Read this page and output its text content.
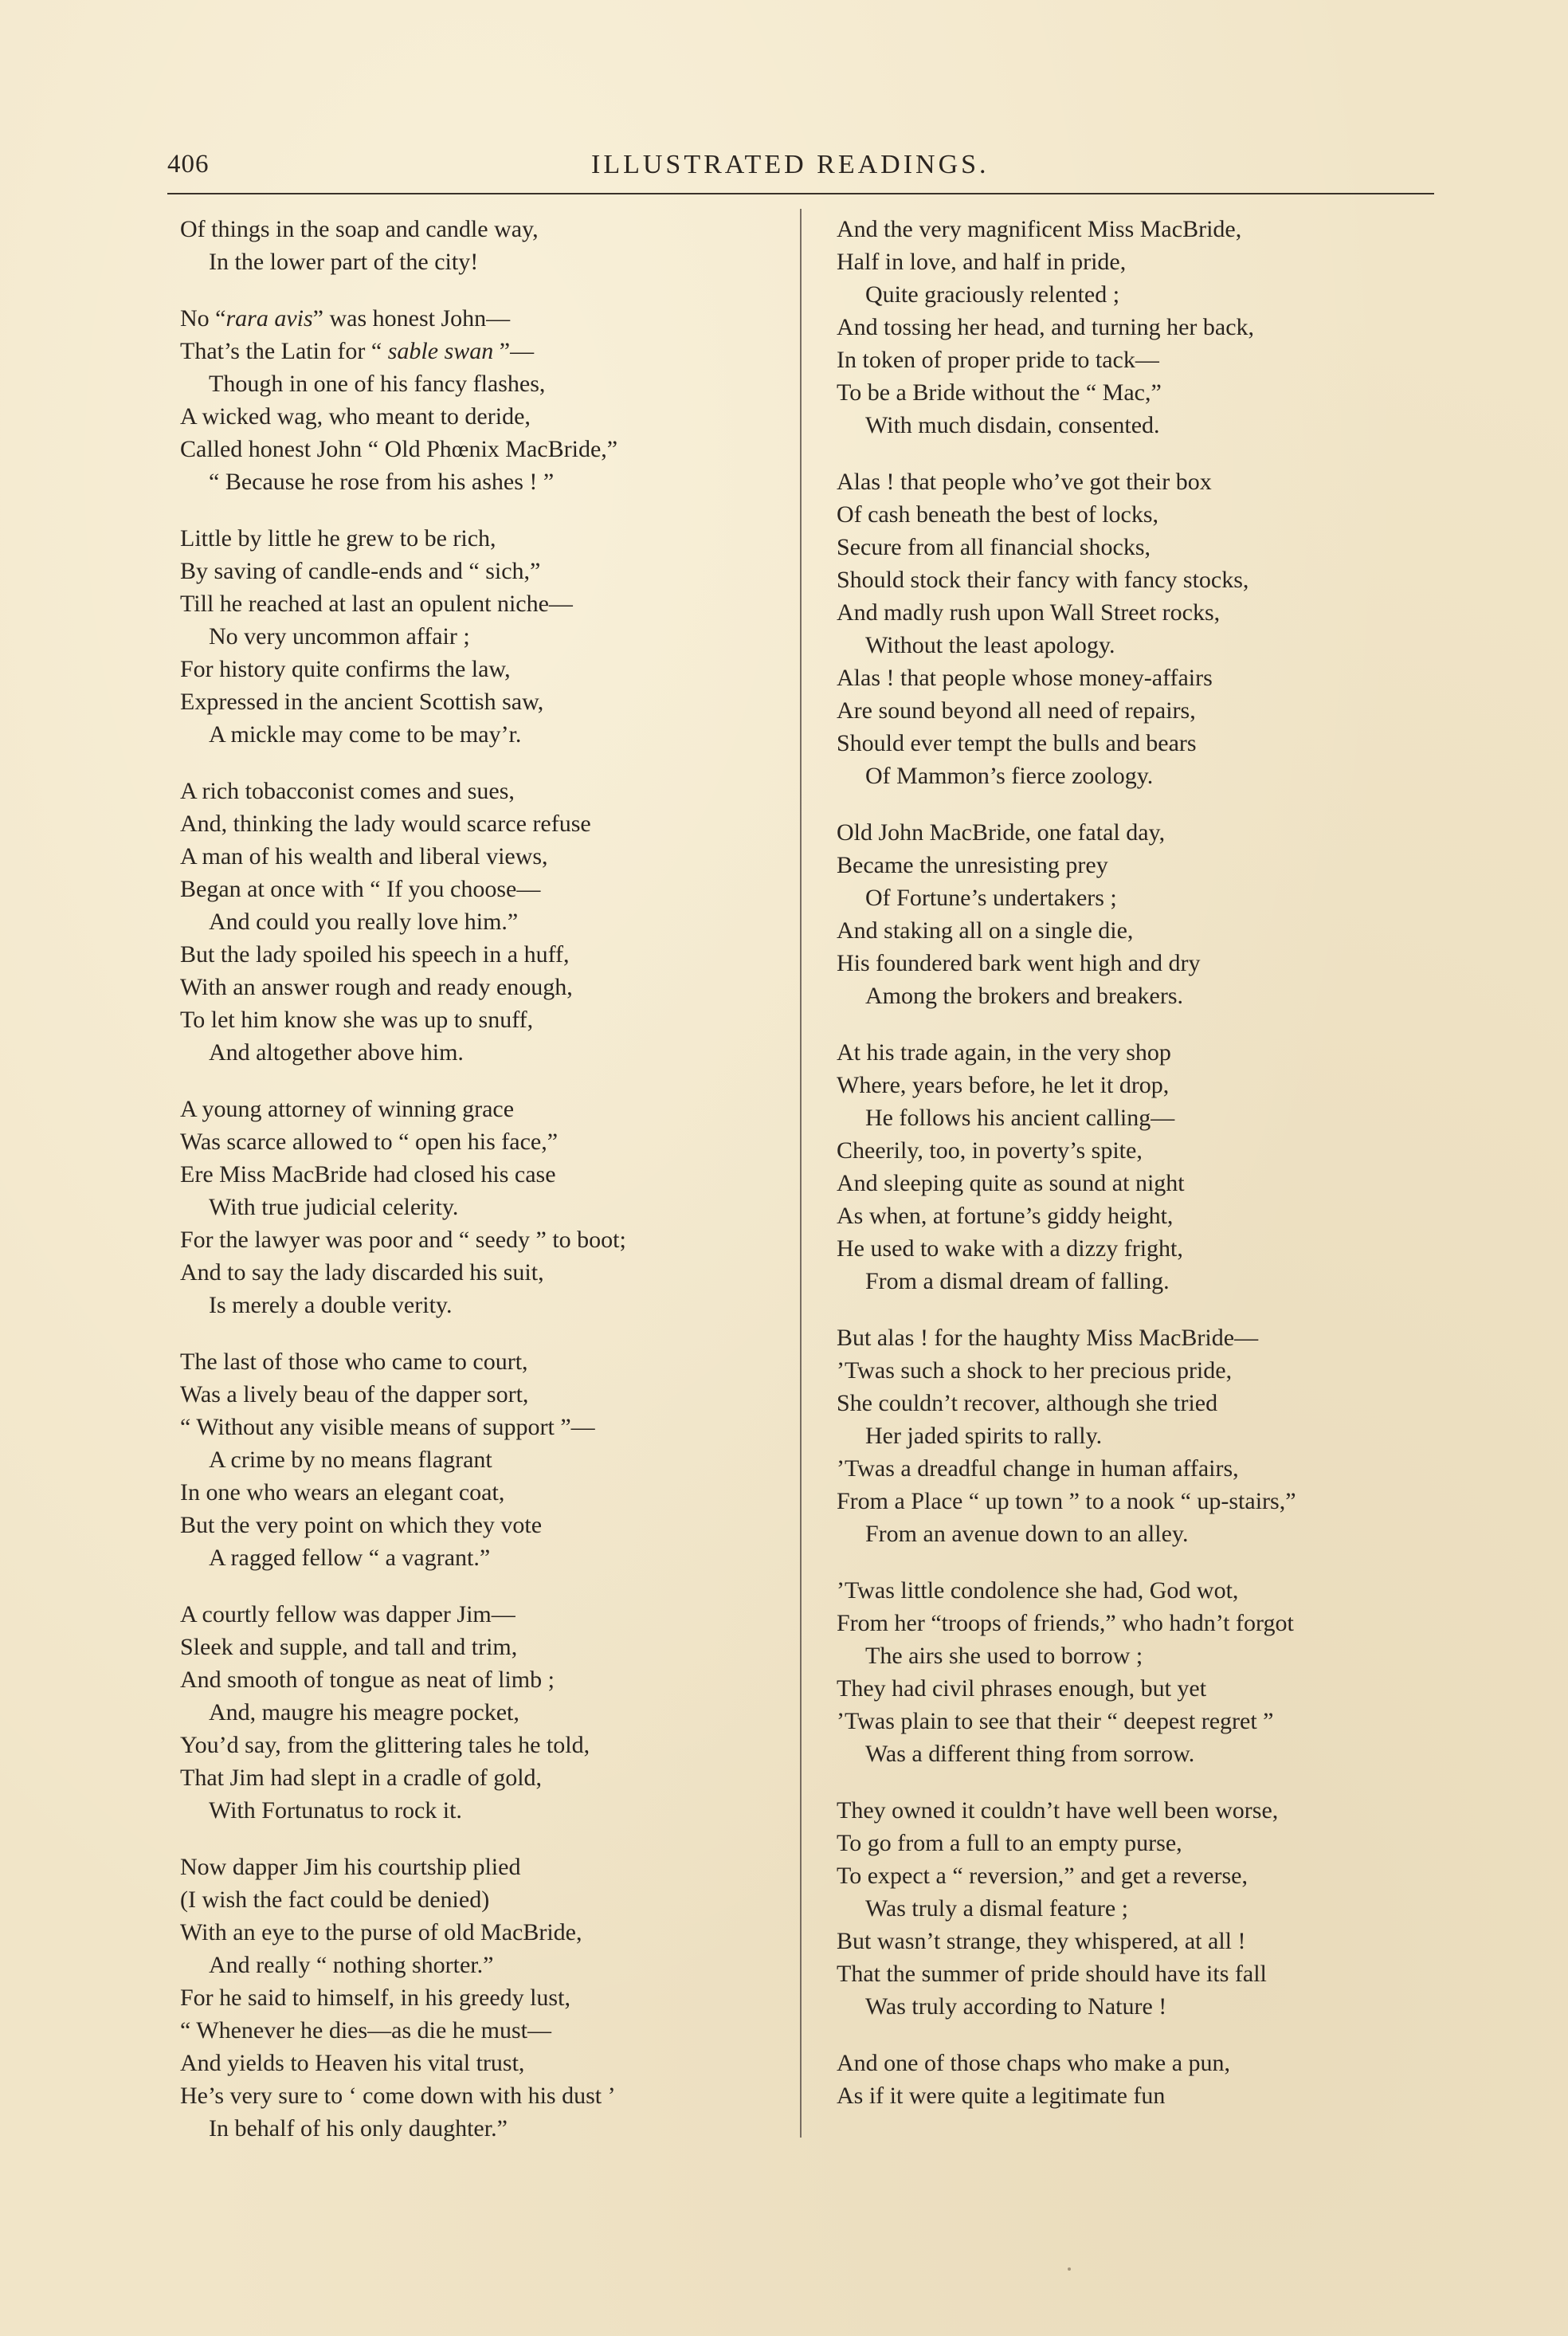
406	ILLUSTRATED READINGS.
Of things in the soap and candle way,
In the lower part of the city!
No “rara avis” was honest John—
That’s the Latin for “ sable swan ”—
Though in one of his fancy flashes,
A wicked wag, who meant to deride,
Called honest John “ Old Phœnix MacBride,”
“ Because he rose from his ashes ! ”
Little by little he grew to be rich,
By saving of candle-ends and “ sich,”
Till he reached at last an opulent niche—
No very uncommon affair ;
For history quite confirms the law,
Expressed in the ancient Scottish saw,
A mickle may come to be may’r.
A rich tobacconist comes and sues,
And, thinking the lady would scarce refuse
A man of his wealth and liberal views,
Began at once with “ If you choose—
And could you really love him.”
But the lady spoiled his speech in a huff,
With an answer rough and ready enough,
To let him know she was up to snuff,
And altogether above him.
A young attorney of winning grace
Was scarce allowed to “ open his face,”
Ere Miss MacBride had closed his case
With true judicial celerity.
For the lawyer was poor and “ seedy ” to boot;
And to say the lady discarded his suit,
Is merely a double verity.
The last of those who came to court,
Was a lively beau of the dapper sort,
“ Without any visible means of support ”—
A crime by no means flagrant
In one who wears an elegant coat,
But the very point on which they vote
A ragged fellow “ a vagrant.”
A courtly fellow was dapper Jim—
Sleek and supple, and tall and trim,
And smooth of tongue as neat of limb ;
And, maugre his meagre pocket,
You’d say, from the glittering tales he told,
That Jim had slept in a cradle of gold,
With Fortunatus to rock it.
Now dapper Jim his courtship plied
(I wish the fact could be denied)
With an eye to the purse of old MacBride,
And really “ nothing shorter.”
For he said to himself, in his greedy lust,
“ Whenever he dies—as die he must—
And yields to Heaven his vital trust,
He’s very sure to ‘ come down with his dust ’
In behalf of his only daughter.”
And the very magnificent Miss MacBride,
Half in love, and half in pride,
Quite graciously relented ;
And tossing her head, and turning her back,
In token of proper pride to tack—
To be a Bride without the “ Mac,”
With much disdain, consented.
Alas ! that people who’ve got their box
Of cash beneath the best of locks,
Secure from all financial shocks,
Should stock their fancy with fancy stocks,
And madly rush upon Wall Street rocks,
Without the least apology.
Alas ! that people whose money-affairs
Are sound beyond all need of repairs,
Should ever tempt the bulls and bears
Of Mammon’s fierce zoology.
Old John MacBride, one fatal day,
Became the unresisting prey
Of Fortune’s undertakers ;
And staking all on a single die,
His foundered bark went high and dry
Among the brokers and breakers.
At his trade again, in the very shop
Where, years before, he let it drop,
He follows his ancient calling—
Cheerily, too, in poverty’s spite,
And sleeping quite as sound at night
As when, at fortune’s giddy height,
He used to wake with a dizzy fright,
From a dismal dream of falling.
But alas ! for the haughty Miss MacBride—
’Twas such a shock to her precious pride,
She couldn’t recover, although she tried
Her jaded spirits to rally.
’Twas a dreadful change in human affairs,
From a Place “ up town ” to a nook “ up-stairs,”
From an avenue down to an alley.
’Twas little condolence she had, God wot,
From her “troops of friends,” who hadn’t forgot
The airs she used to borrow ;
They had civil phrases enough, but yet
’Twas plain to see that their “ deepest regret ”
Was a different thing from sorrow.
They owned it couldn’t have well been worse,
To go from a full to an empty purse,
To expect a “ reversion,” and get a reverse,
Was truly a dismal feature ;
But wasn’t strange, they whispered, at all !
That the summer of pride should have its fall
Was truly according to Nature !
And one of those chaps who make a pun,
As if it were quite a legitimate fun
